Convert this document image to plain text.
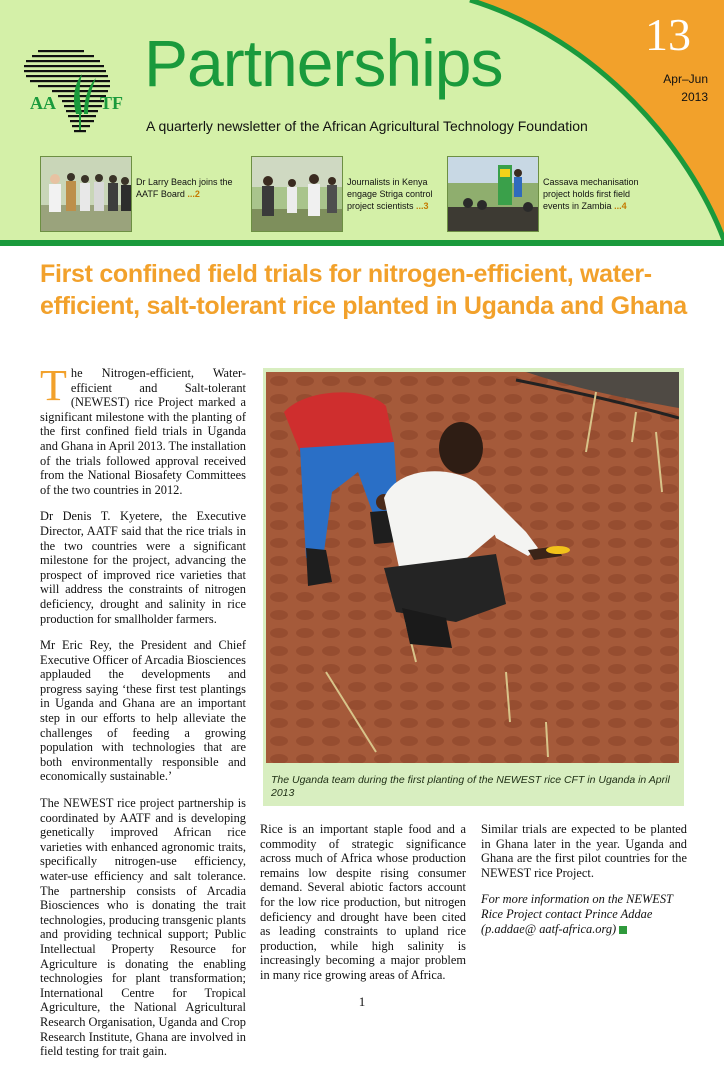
AA TF
Partnerships
A quarterly newsletter of the African Agricultural Technology Foundation
13
Apr–Jun
2013
Dr Larry Beach joins the AATF Board ...2
Journalists in Kenya engage Striga control project scientists ...3
Cassava mechanisation project holds first field events in Zambia ...4
First confined field trials for nitrogen-efficient, water-efficient, salt-tolerant rice planted in Uganda and Ghana

The Nitrogen-efficient, Water-efficient and Salt-tolerant (NEWEST) rice Project marked a significant milestone with the planting of the first confined field trials in Uganda and Ghana in April 2013. The installation of the trials followed approval received from the National Biosafety Committees of the two countries in 2012.

Dr Denis T. Kyetere, the Executive Director, AATF said that the rice trials in the two countries were a significant milestone for the project, advancing the prospect of improved rice varieties that will address the constraints of nitrogen deficiency, drought and salinity in rice production for smallholder farmers.

Mr Eric Rey, the President and Chief Executive Officer of Arcadia Biosciences applauded the developments and progress saying ‘these first test plantings in Uganda and Ghana are an important step in our efforts to help alleviate the challenges of feeding a growing population with technologies that are both environmentally responsible and economically sustainable.’

The NEWEST rice project partnership is coordinated by AATF and is developing genetically improved African rice varieties with enhanced agronomic traits, specifically nitrogen-use efficiency, water-use efficiency and salt tolerance. The partnership consists of Arcadia Biosciences who is donating the trait technologies, producing transgenic plants and providing technical support; Public Intellectual Property Resource for Agriculture is donating the enabling technologies for plant transformation; International Centre for Tropical Agriculture, the National Agricultural Research Organisation, Uganda and Crop Research Institute, Ghana are involved in field testing for trait gain.

The Uganda team during the first planting of the NEWEST rice CFT in Uganda in April 2013

Rice is an important staple food and a commodity of strategic significance across much of Africa whose production remains low despite rising consumer demand. Several abiotic factors account for the low rice production, but nitrogen deficiency and drought have been cited as leading constraints to upland rice production, while high salinity is increasingly becoming a major problem in many rice growing areas of Africa.

Similar trials are expected to be planted in Ghana later in the year. Uganda and Ghana are the first pilot countries for the NEWEST rice Project.

For more information on the NEWEST Rice Project contact Prince Addae (p.addae@ aatf-africa.org)

1
